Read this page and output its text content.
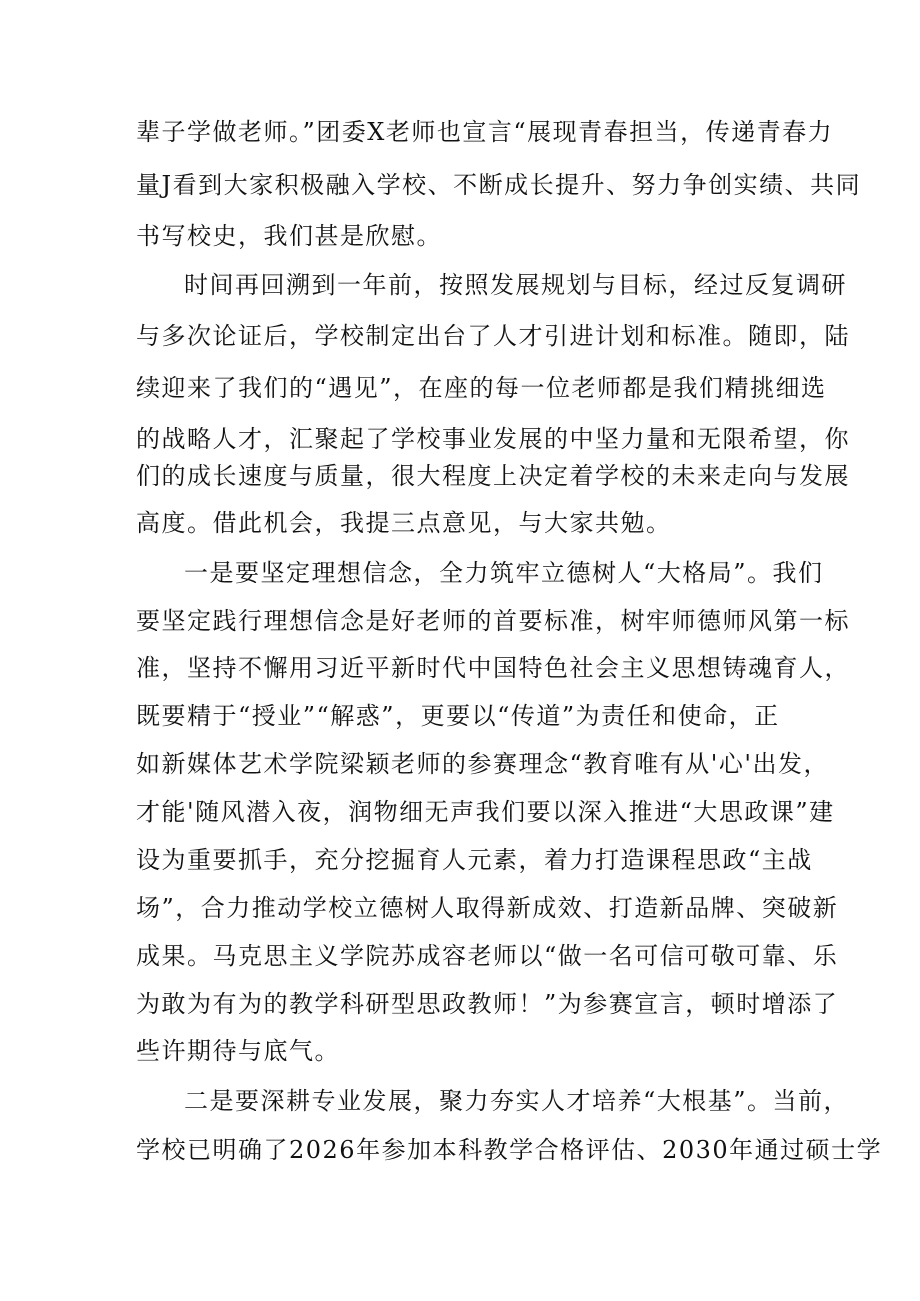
辈子学做老师。”团委X老师也宣言“展现青春担当，传递青春力
量J看到大家积极融入学校、不断成长提升、努力争创实绩、共同
书写校史，我们甚是欣慰。
时间再回溯到一年前，按照发展规划与目标，经过反复调研
与多次论证后，学校制定出台了人才引进计划和标准。随即，陆
续迎来了我们的“遇见”，在座的每一位老师都是我们精挑细选
的战略人才，汇聚起了学校事业发展的中坚力量和无限希望，你
们的成长速度与质量，很大程度上决定着学校的未来走向与发展
高度。借此机会，我提三点意见，与大家共勉。
一是要坚定理想信念，全力筑牢立德树人“大格局”。我们
要坚定践行理想信念是好老师的首要标准，树牢师德师风第一标
准，坚持不懈用习近平新时代中国特色社会主义思想铸魂育人，
既要精于“授业”“解惑”，更要以“传道”为责任和使命，正
如新媒体艺术学院梁颖老师的参赛理念“教育唯有从'心'出发，
才能'随风潜入夜，润物细无声我们要以深入推进“大思政课”建
设为重要抓手，充分挖掘育人元素，着力打造课程思政“主战
场”，合力推动学校立德树人取得新成效、打造新品牌、突破新
成果。马克思主义学院苏成容老师以“做一名可信可敬可靠、乐
为敢为有为的教学科研型思政教师！”为参赛宣言，顿时增添了
些许期待与底气。
二是要深耕专业发展，聚力夯实人才培养“大根基”。当前，
学校已明确了2026年参加本科教学合格评估、2030年通过硕士学
